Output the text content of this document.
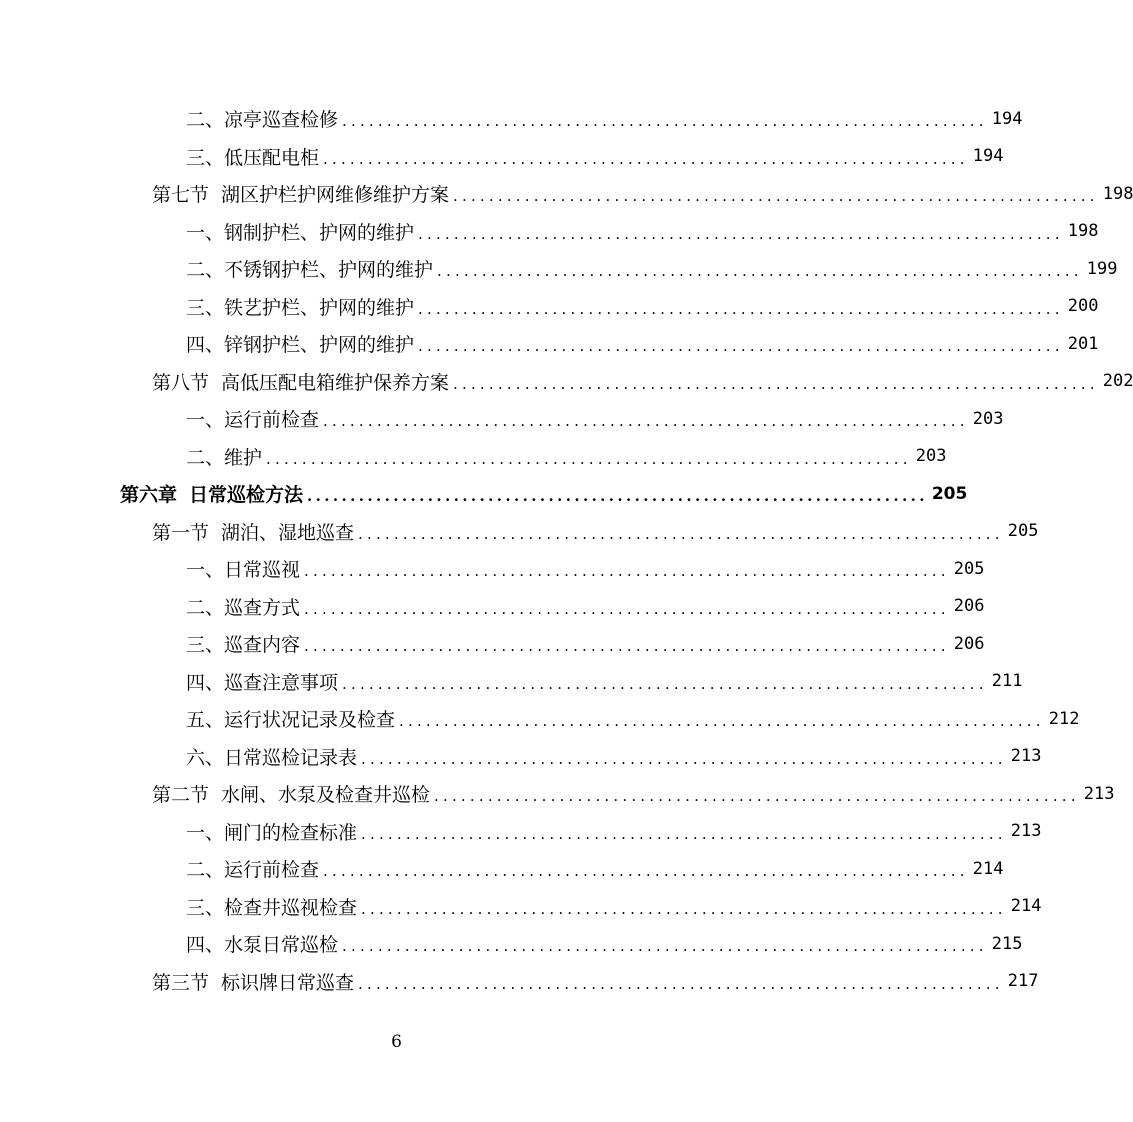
二、凉亭巡查检修 ........................................................................ 194
三、低压配电柜 ........................................................................ 194
第七节 湖区护栏护网维修维护方案 ........................................................................ 198
一、钢制护栏、护网的维护 ........................................................................ 198
二、不锈钢护栏、护网的维护 ........................................................................ 199
三、铁艺护栏、护网的维护 ........................................................................ 200
四、锌钢护栏、护网的维护 ........................................................................ 201
第八节 高低压配电箱维护保养方案 ........................................................................ 202
一、运行前检查 ........................................................................ 203
二、维护 ........................................................................ 203
第六章 日常巡检方法 ........................................................................ 205
第一节 湖泊、湿地巡查 ........................................................................ 205
一、日常巡视 ........................................................................ 205
二、巡查方式 ........................................................................ 206
三、巡查内容 ........................................................................ 206
四、巡查注意事项 ........................................................................ 211
五、运行状况记录及检查 ........................................................................ 212
六、日常巡检记录表 ........................................................................ 213
第二节 水闸、水泵及检查井巡检 ........................................................................ 213
一、闸门的检查标准 ........................................................................ 213
二、运行前检查 ........................................................................ 214
三、检查井巡视检查 ........................................................................ 214
四、水泵日常巡检 ........................................................................ 215
第三节 标识牌日常巡查 ........................................................................ 217
6
